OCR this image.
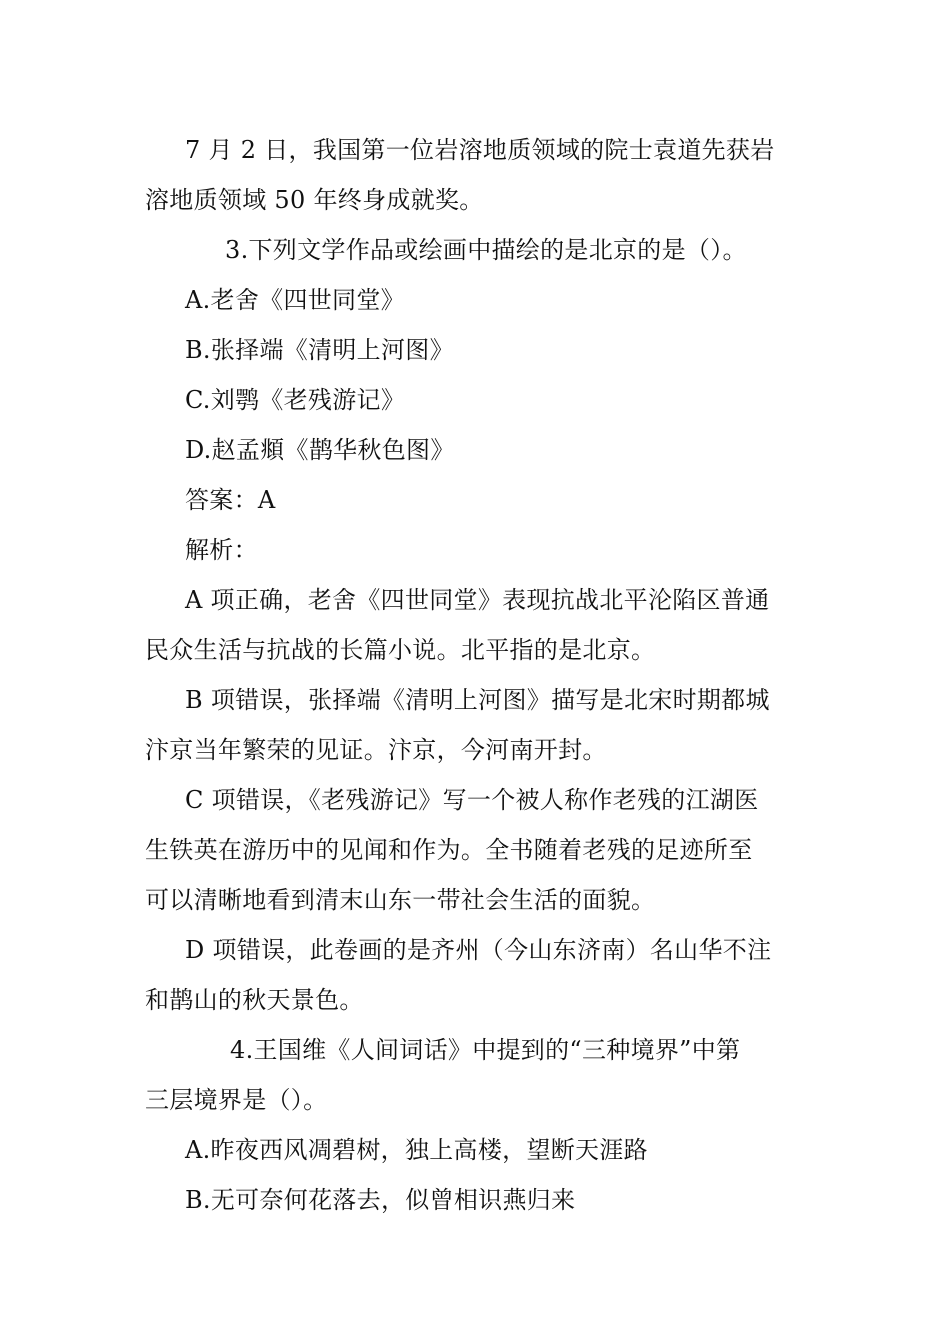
7 月 2 日，我国第一位岩溶地质领域的院士袁道先获岩
溶地质领域 50 年终身成就奖。
3.下列文学作品或绘画中描绘的是北京的是（）。
A.老舍《四世同堂》
B.张择端《清明上河图》
C.刘鹗《老残游记》
D.赵孟頫《鹊华秋色图》
答案：A
解析：
A 项正确，老舍《四世同堂》表现抗战北平沦陷区普通
民众生活与抗战的长篇小说。北平指的是北京。
B 项错误，张择端《清明上河图》描写是北宋时期都城
汴京当年繁荣的见证。汴京，今河南开封。
C 项错误，《老残游记》写一个被人称作老残的江湖医
生铁英在游历中的见闻和作为。全书随着老残的足迹所至
可以清晰地看到清末山东一带社会生活的面貌。
D 项错误，此卷画的是齐州（今山东济南）名山华不注
和鹊山的秋天景色。
4.王国维《人间词话》中提到的“三种境界”中第
三层境界是（）。
A.昨夜西风凋碧树，独上高楼，望断天涯路
B.无可奈何花落去，似曾相识燕归来
